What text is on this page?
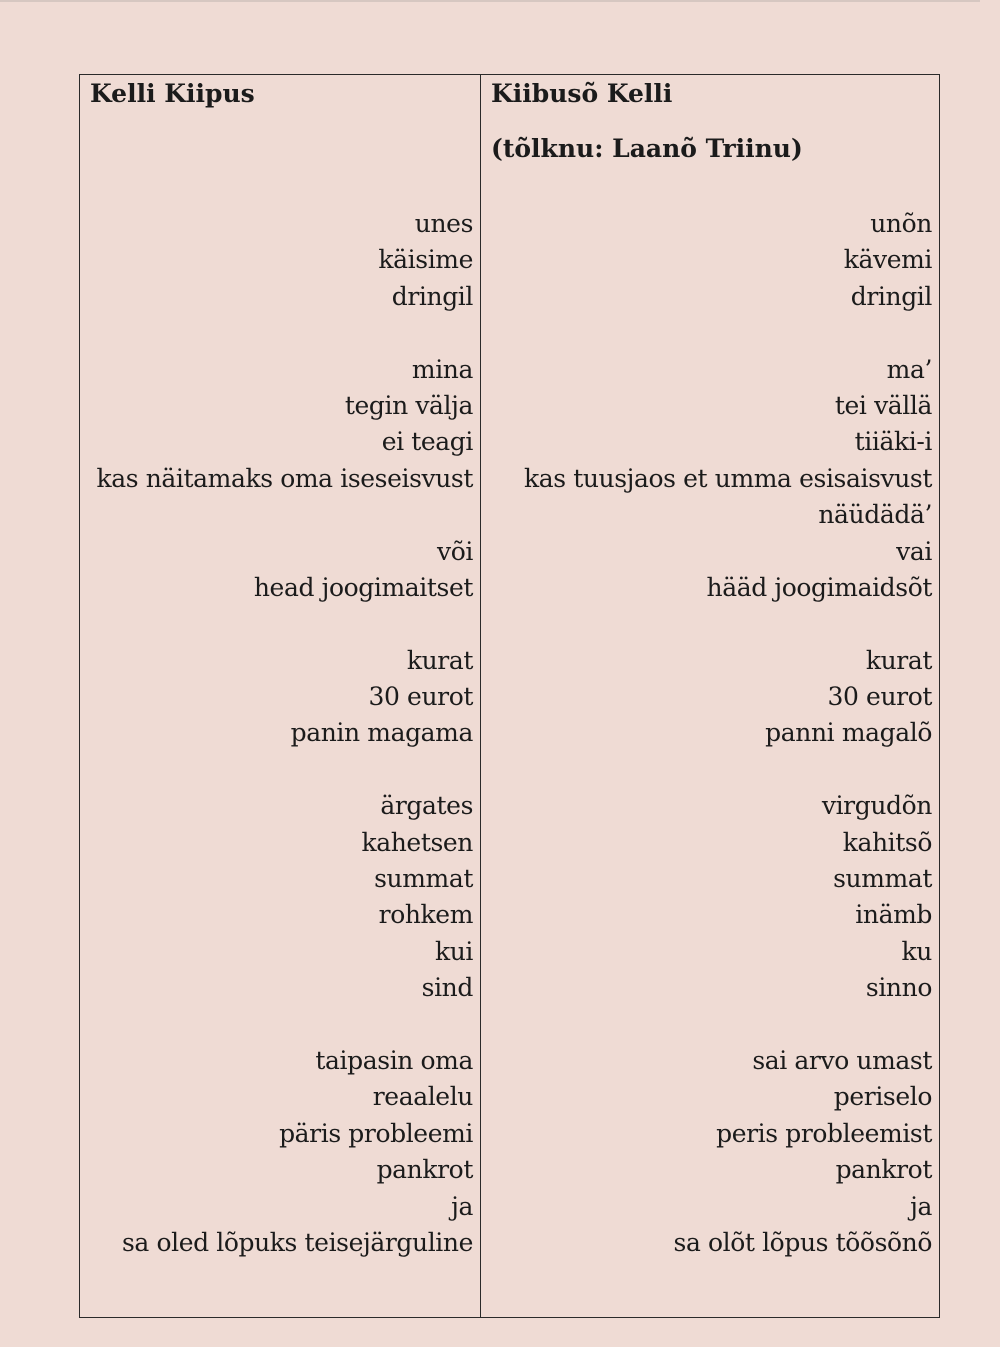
Kelli Kiipus
unes
käisime
dringil
mina
tegin välja
ei teagi
kas näitamaks oma iseseisvust
või
head joogimaitset
kurat
30 eurot
panin magama
ärgates
kahetsen
summat
rohkem
kui
sind
taipasin oma
reaalelu
päris probleemi
pankrot
ja
sa oled lõpuks teisejärguline
Kiibusõ Kelli
(tõlknu: Laanõ Triinu)
unõn
kävemi
dringil
ma’
tei vällä
tiiäki-i
kas tuusjaos et umma esisaisvust
näüdädä’
vai
hääd joogimaidsõt
kurat
30 eurot
panni magalõ
virgudõn
kahitsõ
summat
inämb
ku
sinno
sai arvo umast
periselo
peris probleemist
pankrot
ja
sa olõt lõpus tõõsõnõ
